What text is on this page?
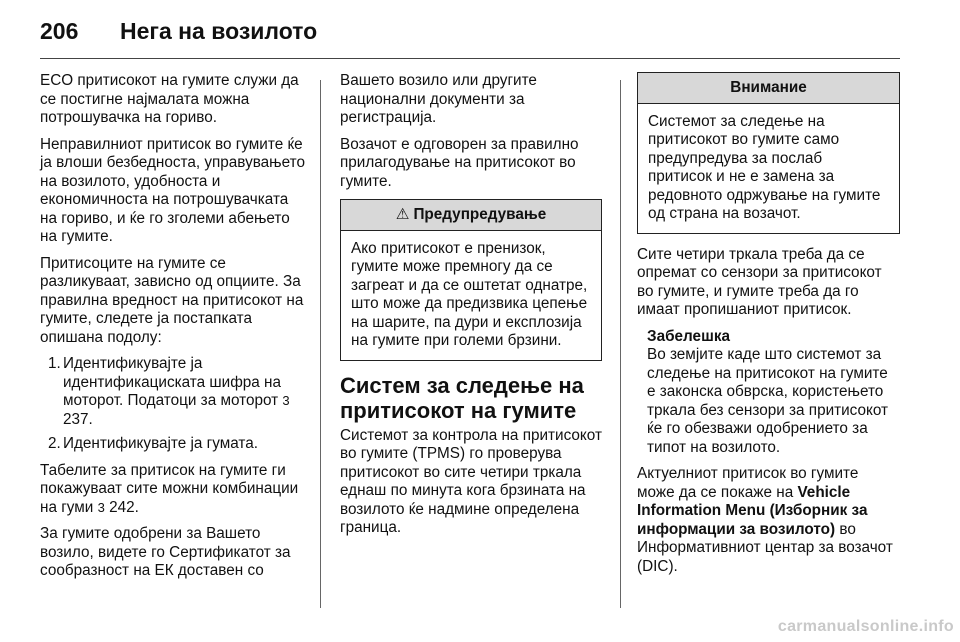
206 Нега на возилото

ECO притисокот на гумите служи да се постигне најмалата можна потрошувачка на гориво.

Неправилниот притисок во гумите ќе ја влоши безбедноста, управувањето на возилото, удобноста и економичноста на потрошувачката на гориво, и ќе го зголеми абењето на гумите.

Притисоците на гумите се разликуваат, зависно од опциите. За правилна вредност на притисокот на гумите, следете ја постапката опишана подолу:

1. Идентификувајте ја идентификациската шифра на моторот. Податоци за моторот 3 237.
2. Идентификувајте ја гумата.

Табелите за притисок на гумите ги покажуваат сите можни комбинации на гуми 3 242.

За гумите одобрени за Вашето возило, видете го Сертификатот за сообразност на ЕК доставен со

Вашето возило или другите национални документи за регистрација.

Возачот е одговорен за правилно прилагодување на притисокот во гумите.

⚠ Предупредување
Ако притисокот е пренизок, гумите може премногу да се загреат и да се оштетат однатре, што може да предизвика цепење на шарите, па дури и експлозија на гумите при големи брзини.
Систем за следење на притисокот на гумите

Системот за контрола на притисокот во гумите (TPMS) го проверува притисокот во сите четири тркала еднаш по минута кога брзината на возилото ќе надмине определена граница.

Внимание
Системот за следење на притисокот во гумите само предупредува за послаб притисок и не е замена за редовното одржување на гумите од страна на возачот.

Сите четири тркала треба да се опремат со сензори за притисокот во гумите, и гумите треба да го имаат пропишаниот притисок.

Забелешка
Во земјите каде што системот за следење на притисокот на гумите е законска обврска, користењето тркала без сензори за притисокот ќе го обезважи одобрението за типот на возилото.

Актуелниот притисок во гумите може да се покаже на Vehicle Information Menu (Изборник за информации за возилото) во Информативниот центар за возачот (DIC).

carmanualsonline.info
